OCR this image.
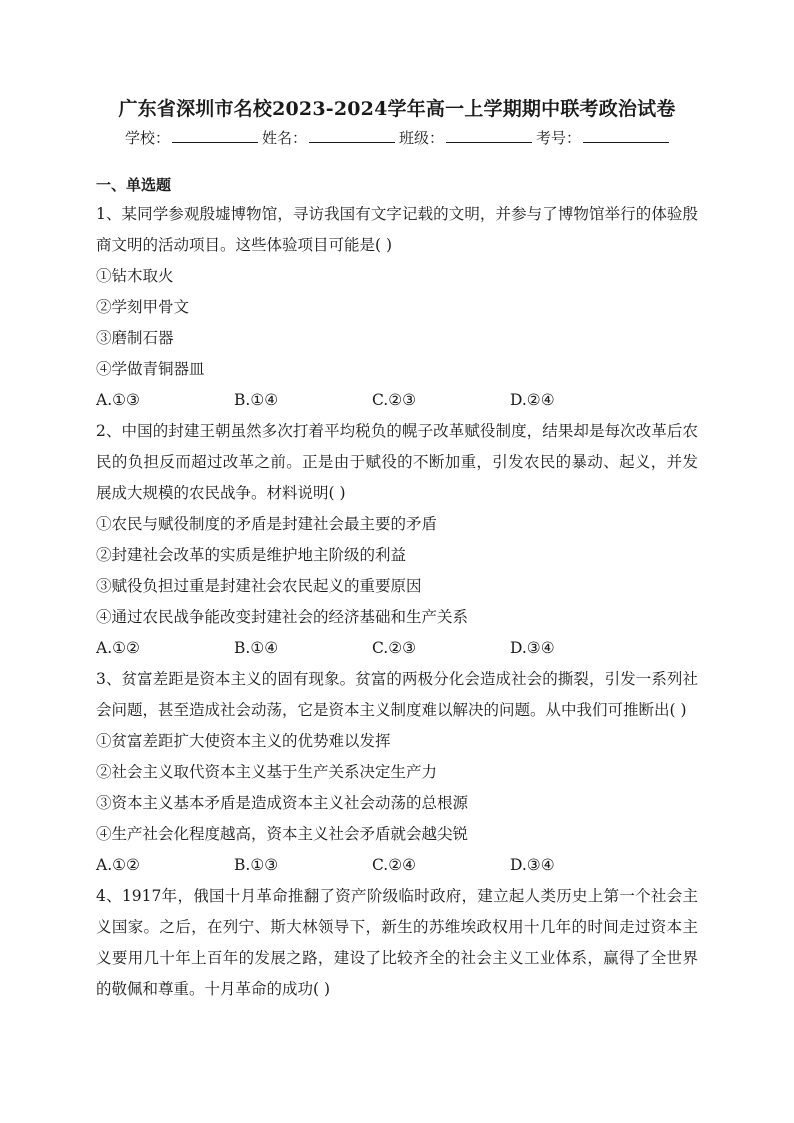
广东省深圳市名校2023-2024学年高一上学期期中联考政治试卷
学校：	姓名：	班级：	考号：
一、单选题

1、某同学参观殷墟博物馆，寻访我国有文字记载的文明，并参与了博物馆举行的体验殷商文明的活动项目。这些体验项目可能是( )

①钻木取火

②学刻甲骨文

③磨制石器

④学做青铜器皿

A.①③	B.①④	C.②③	D.②④

2、中国的封建王朝虽然多次打着平均税负的幌子改革赋役制度，结果却是每次改革后农民的负担反而超过改革之前。正是由于赋役的不断加重，引发农民的暴动、起义，并发展成大规模的农民战争。材料说明( )

①农民与赋役制度的矛盾是封建社会最主要的矛盾

②封建社会改革的实质是维护地主阶级的利益

③赋役负担过重是封建社会农民起义的重要原因

④通过农民战争能改变封建社会的经济基础和生产关系

A.①②	B.①④	C.②③	D.③④

3、贫富差距是资本主义的固有现象。贫富的两极分化会造成社会的撕裂，引发一系列社会问题，甚至造成社会动荡，它是资本主义制度难以解决的问题。从中我们可推断出( )

①贫富差距扩大使资本主义的优势难以发挥

②社会主义取代资本主义基于生产关系决定生产力

③资本主义基本矛盾是造成资本主义社会动荡的总根源

④生产社会化程度越高，资本主义社会矛盾就会越尖锐

A.①②	B.①③	C.②④	D.③④

4、1917年，俄国十月革命推翻了资产阶级临时政府，建立起人类历史上第一个社会主义国家。之后，在列宁、斯大林领导下，新生的苏维埃政权用十几年的时间走过资本主义要用几十年上百年的发展之路，建设了比较齐全的社会主义工业体系，赢得了全世界的敬佩和尊重。十月革命的成功( )
